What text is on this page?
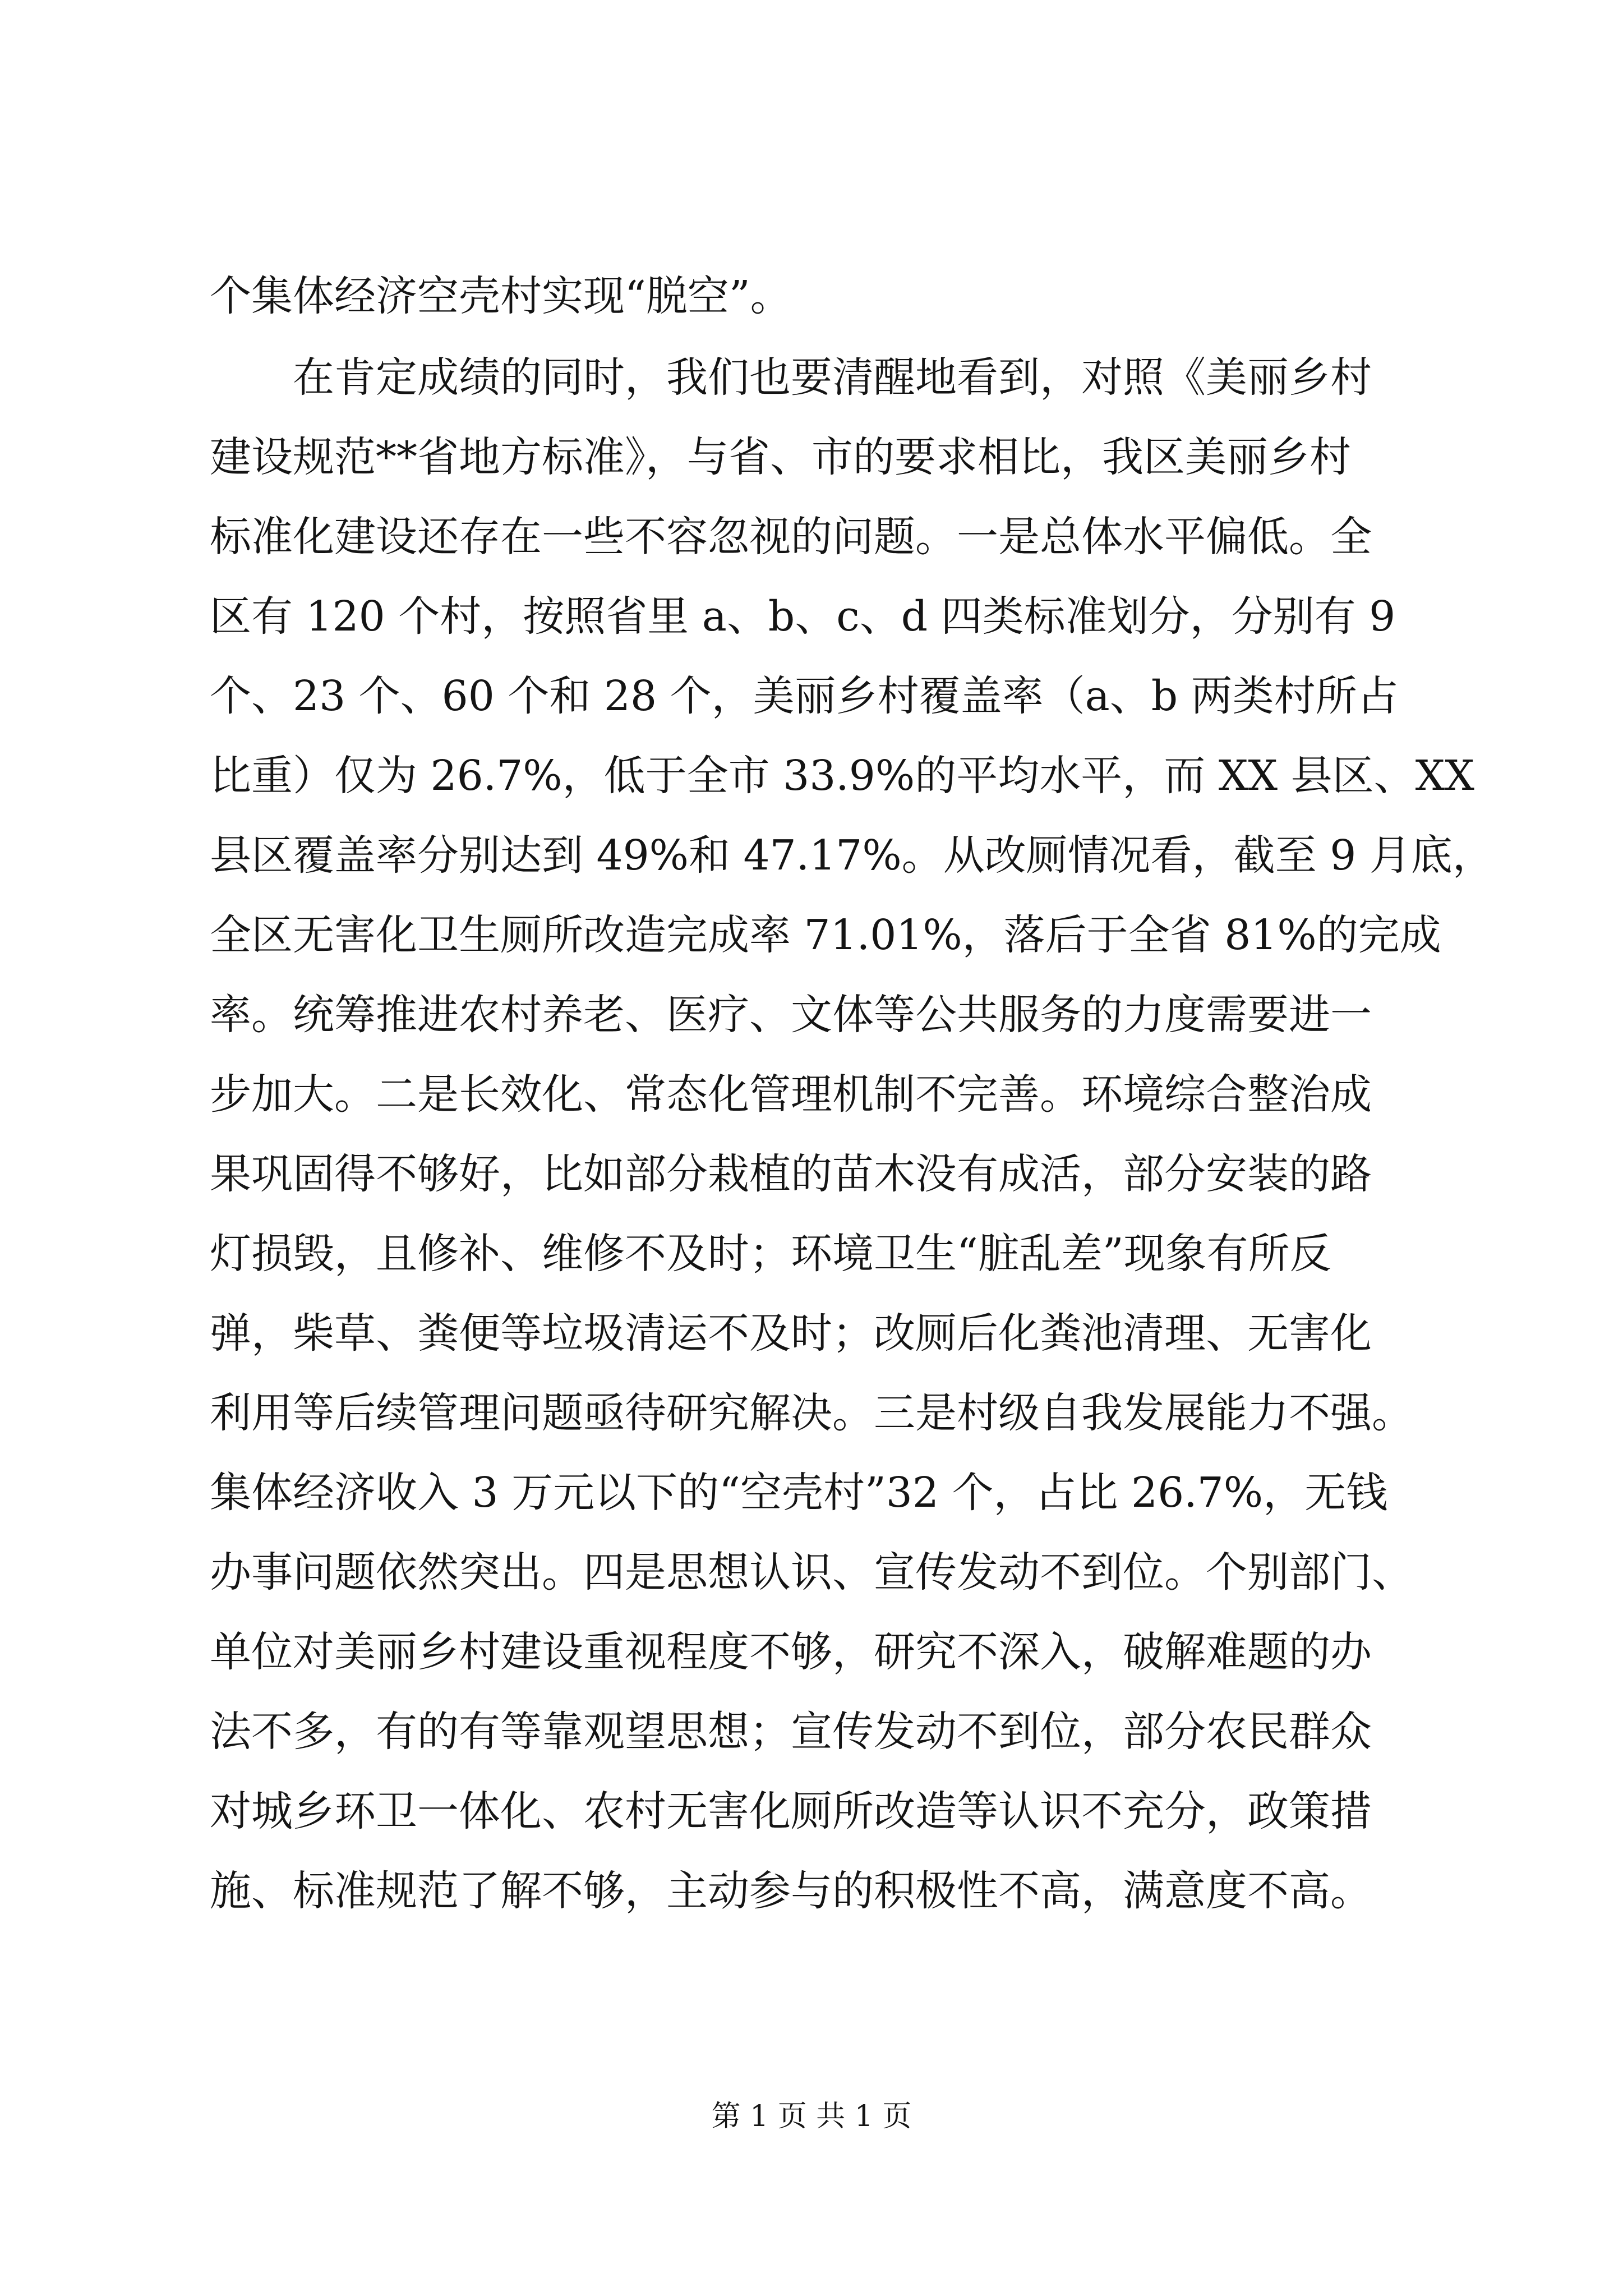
个集体经济空壳村实现“脱空”。
　　在肯定成绩的同时，我们也要清醒地看到，对照《美丽乡村
建设规范**省地方标准》，与省、市的要求相比，我区美丽乡村
标准化建设还存在一些不容忽视的问题。一是总体水平偏低。全
区有 120 个村，按照省里 a、b、c、d 四类标准划分，分别有 9
个、23 个、60 个和 28 个，美丽乡村覆盖率（a、b 两类村所占
比重）仅为 26.7%，低于全市 33.9%的平均水平，而 XX 县区、XX
县区覆盖率分别达到 49%和 47.17%。从改厕情况看，截至 9 月底，
全区无害化卫生厕所改造完成率 71.01%，落后于全省 81%的完成
率。统筹推进农村养老、医疗、文体等公共服务的力度需要进一
步加大。二是长效化、常态化管理机制不完善。环境综合整治成
果巩固得不够好，比如部分栽植的苗木没有成活，部分安装的路
灯损毁，且修补、维修不及时；环境卫生“脏乱差”现象有所反
弹，柴草、粪便等垃圾清运不及时；改厕后化粪池清理、无害化
利用等后续管理问题亟待研究解决。三是村级自我发展能力不强。
集体经济收入 3 万元以下的“空壳村”32 个，占比 26.7%，无钱
办事问题依然突出。四是思想认识、宣传发动不到位。个别部门、
单位对美丽乡村建设重视程度不够，研究不深入，破解难题的办
法不多，有的有等靠观望思想；宣传发动不到位，部分农民群众
对城乡环卫一体化、农村无害化厕所改造等认识不充分，政策措
施、标准规范了解不够，主动参与的积极性不高，满意度不高。
第 1 页 共 1 页
